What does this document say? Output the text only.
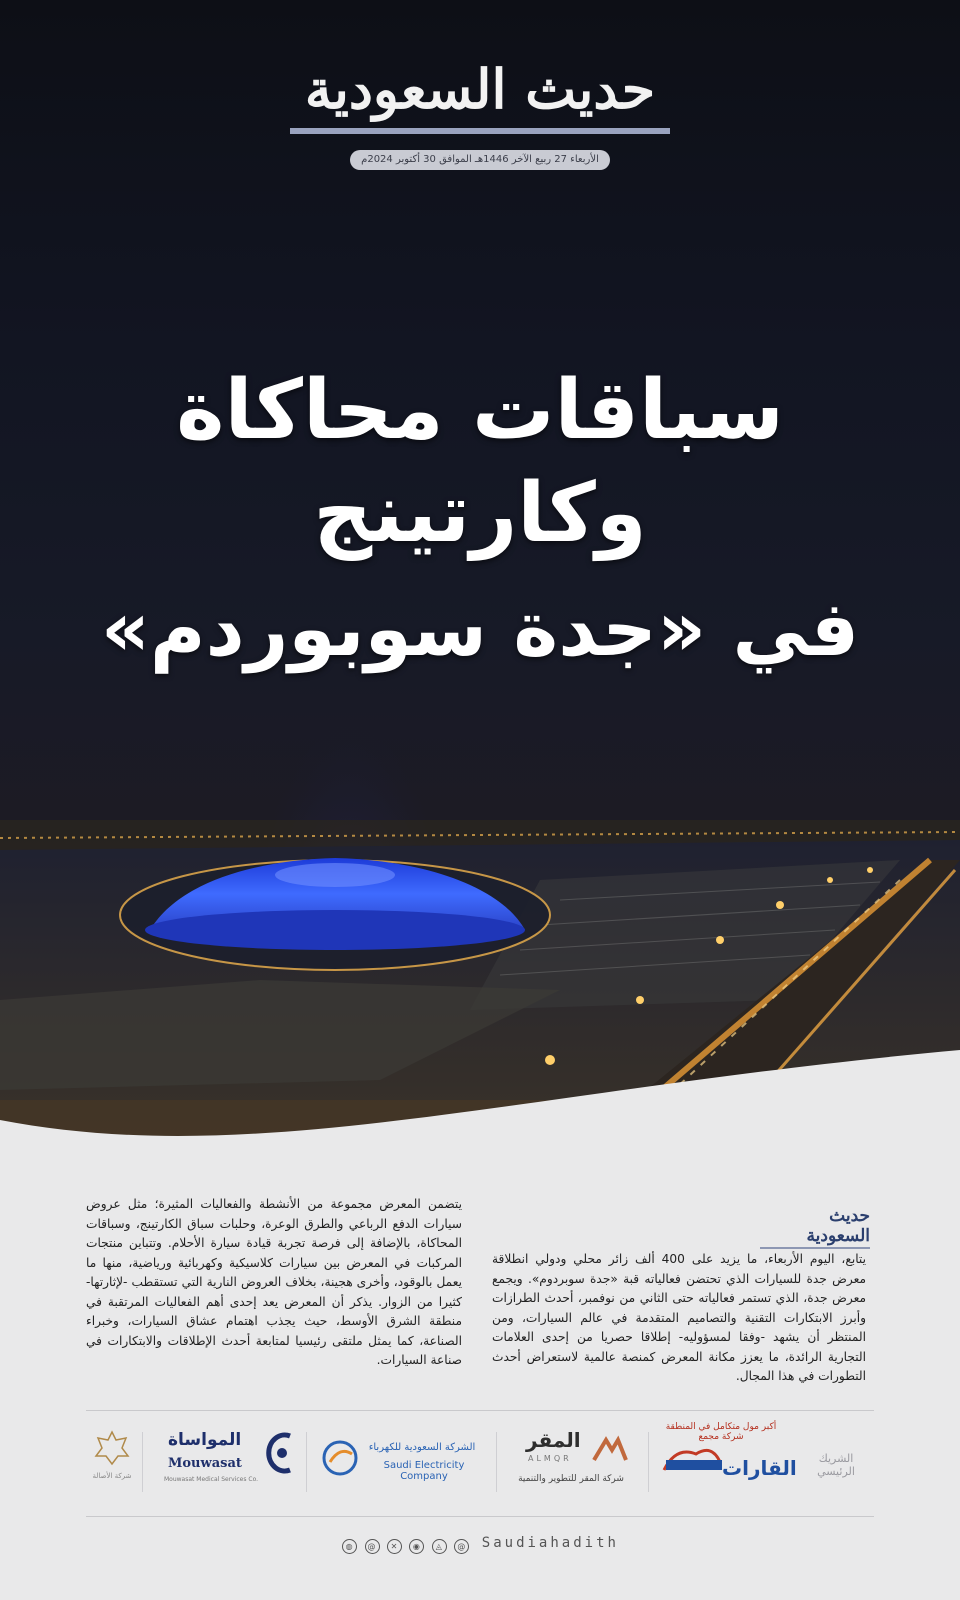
حديث السعودية
الأربعاء 27 ربيع الآخر 1446هـ الموافق 30 أكتوبر 2024م
سباقات محاكاة وكارتينج
في «جدة سوبوردم»
حديث السعودية
يتابع، اليوم الأربعاء، ما يزيد على 400 ألف زائر محلي ودولي انطلاقة معرض جدة للسيارات الذي تحتضن فعالياته قبة «جدة سوبردوم». ويجمع معرض جدة، الذي تستمر فعالياته حتى الثاني من نوفمبر، أحدث الطرازات وأبرز الابتكارات التقنية والتصاميم المتقدمة في عالم السيارات، ومن المنتظر أن يشهد -وفقا لمسؤوليه- إطلاقا حصريا من إحدى العلامات التجارية الرائدة، ما يعزز مكانة المعرض كمنصة عالمية لاستعراض أحدث التطورات في هذا المجال.
يتضمن المعرض مجموعة من الأنشطة والفعاليات المثيرة؛ مثل عروض سيارات الدفع الرباعي والطرق الوعرة، وحلبات سباق الكارتينج، وسباقات المحاكاة، بالإضافة إلى فرصة تجربة قيادة سيارة الأحلام. وتتباين منتجات المركبات في المعرض بين سيارات كلاسيكية وكهربائية ورياضية، منها ما يعمل بالوقود، وأخرى هجينة، بخلاف العروض النارية التي تستقطب -لإثارتها- كثيرا من الزوار. يذكر أن المعرض يعد إحدى أهم الفعاليات المرتقبة في منطقة الشرق الأوسط، حيث يجذب اهتمام عشاق السيارات، وخبراء الصناعة، كما يمثل ملتقى رئيسيا لمتابعة أحدث الإطلاقات والابتكارات في صناعة السيارات.
الشريك الرئيسي
أكبر مول متكامل في المنطقة
شركة مجمع
القارات
المقر
ALMQR
شركة المقر للتطوير والتنمية
الشركة السعودية للكهرباء
Saudi Electricity Company
المواساة
Mouwasat
Mouwasat Medical Services Co.
شركة الأصالة
◍ @ ✕ ◉ ◬ @ Saudiahadith
